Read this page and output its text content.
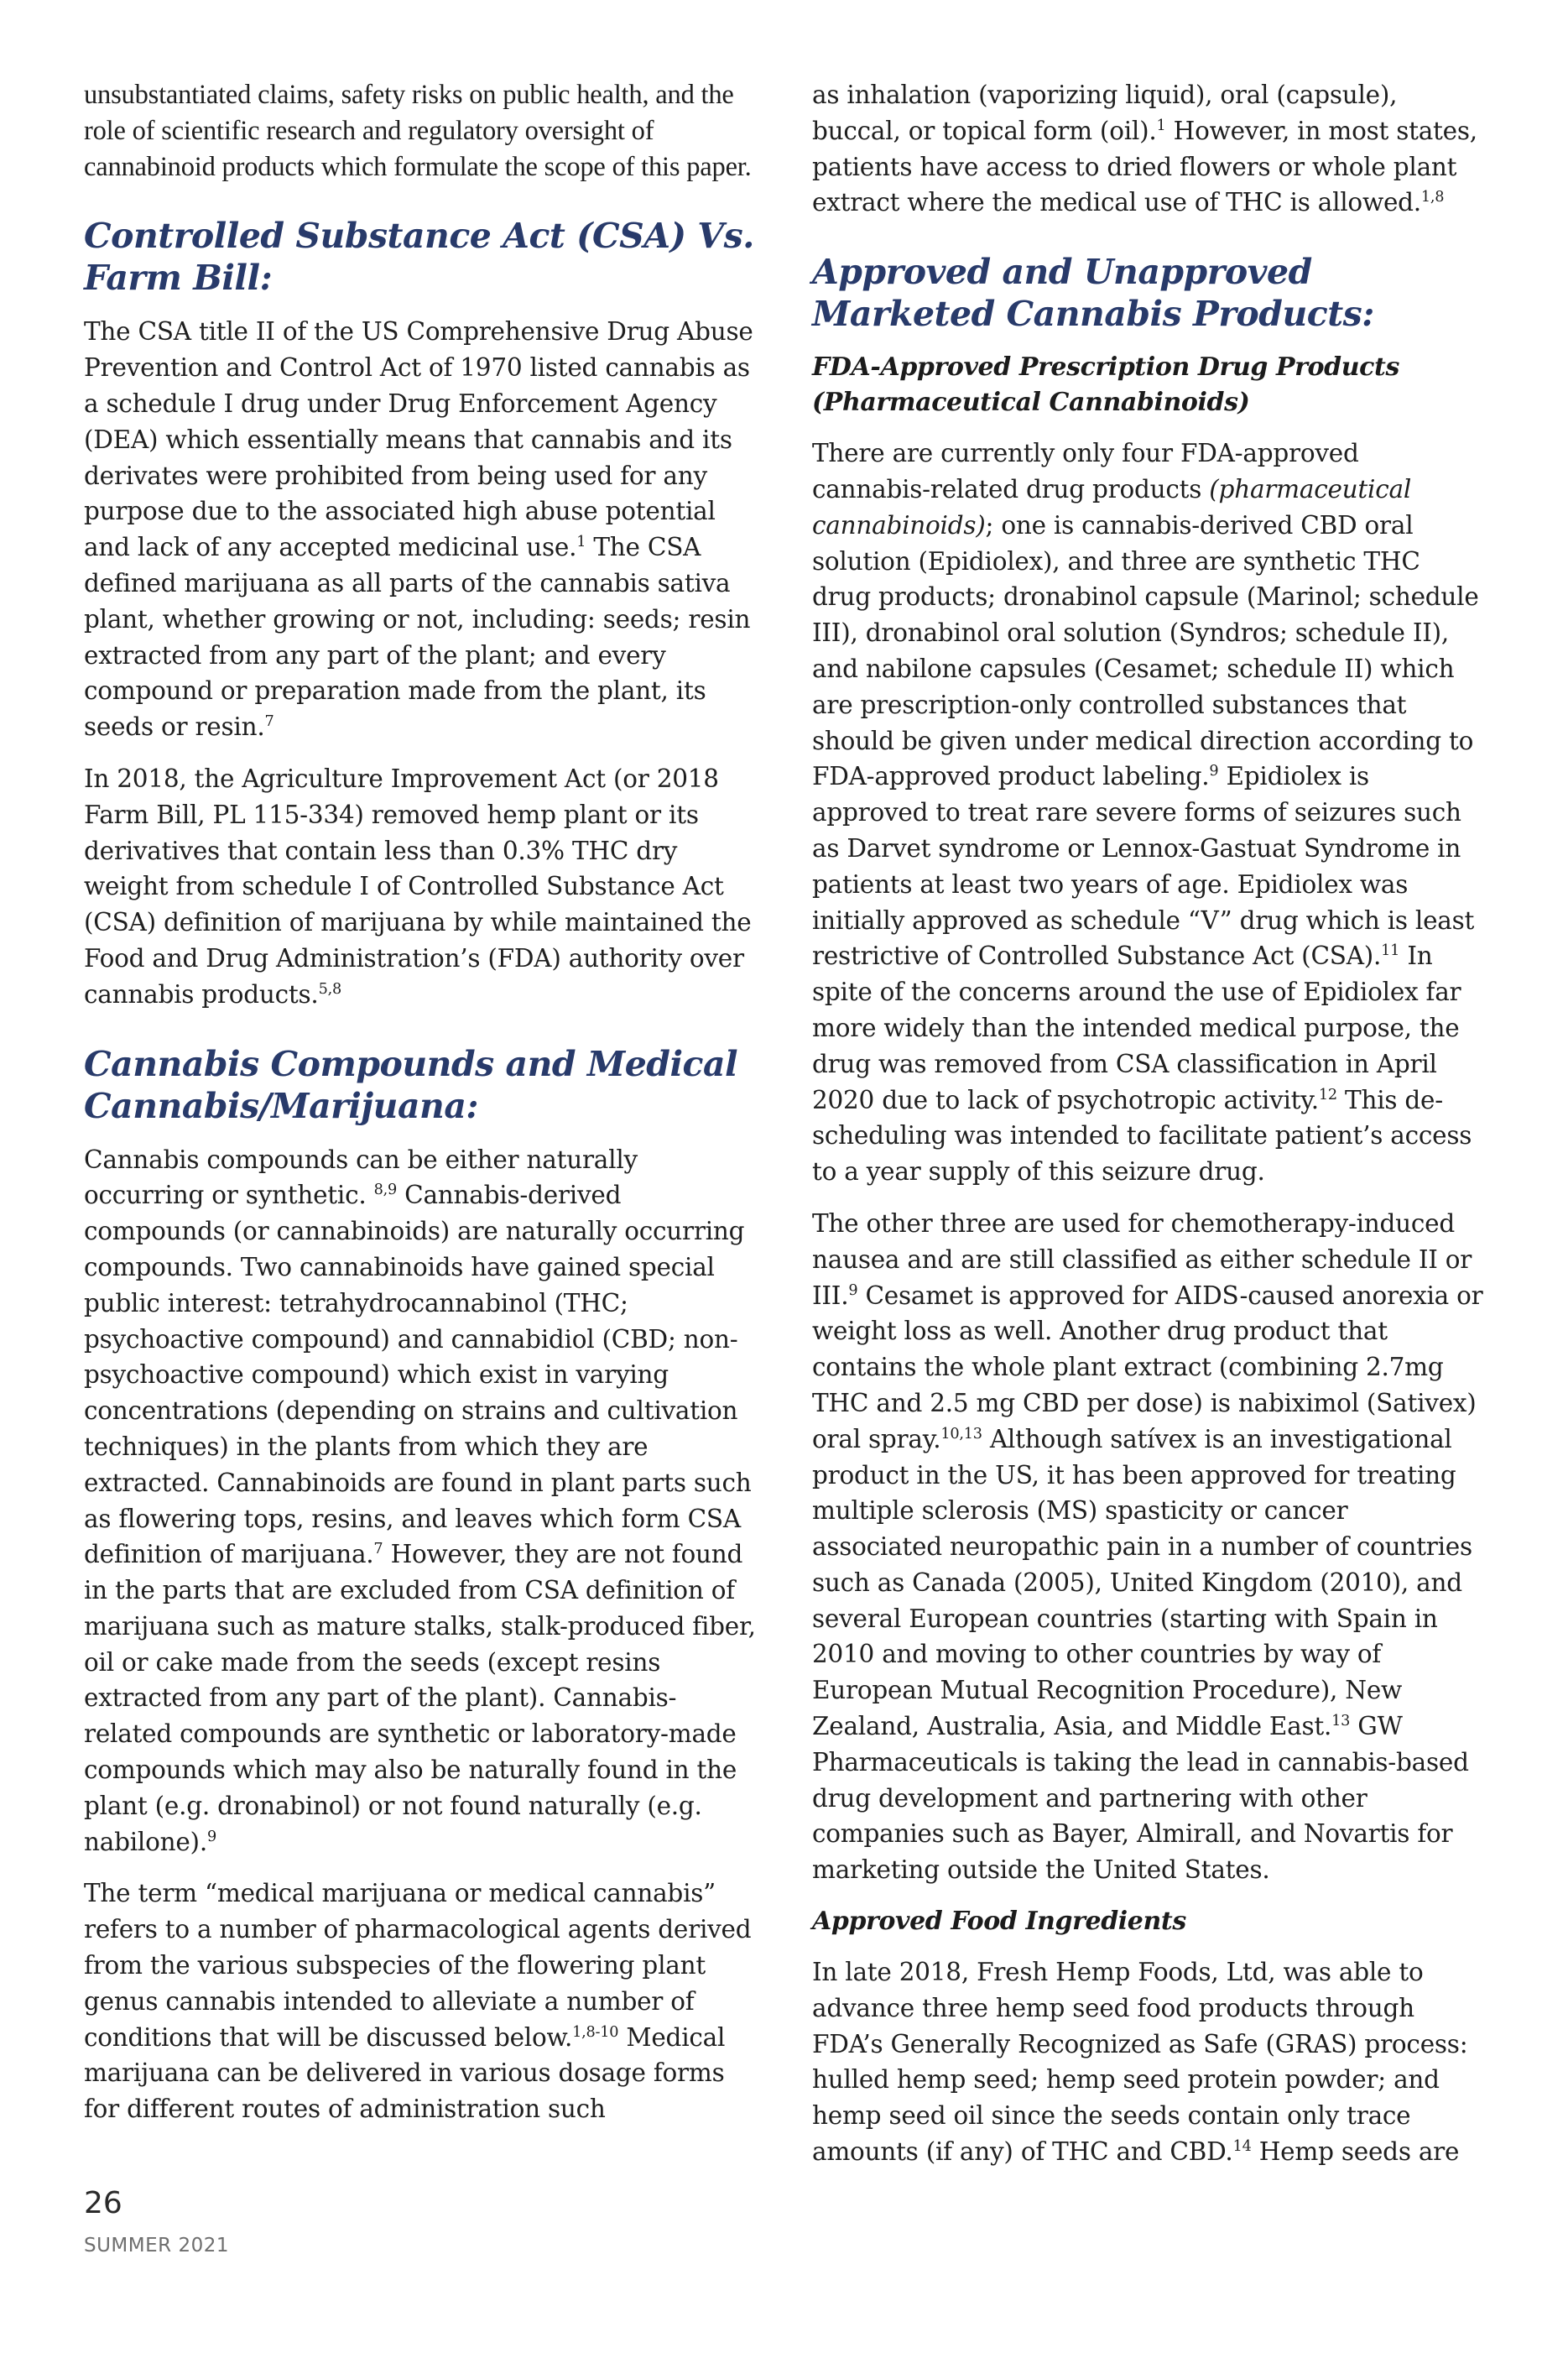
unsubstantiated claims, safety risks on public health, and the role of scientific research and regulatory oversight of cannabinoid products which formulate the scope of this paper.

Controlled Substance Act (CSA) Vs. Farm Bill:

The CSA title II of the US Comprehensive Drug Abuse Prevention and Control Act of 1970 listed cannabis as a schedule I drug under Drug Enforcement Agency (DEA) which essentially means that cannabis and its derivates were prohibited from being used for any purpose due to the associated high abuse potential and lack of any accepted medicinal use.$^1$ The CSA defined marijuana as all parts of the cannabis sativa plant, whether growing or not, including: seeds; resin extracted from any part of the plant; and every compound or preparation made from the plant, its seeds or resin.$^7$

In 2018, the Agriculture Improvement Act (or 2018 Farm Bill, PL 115-334) removed hemp plant or its derivatives that contain less than 0.3% THC dry weight from schedule I of Controlled Substance Act (CSA) definition of marijuana by while maintained the Food and Drug Administration’s (FDA) authority over cannabis products.$^{5,8}$

Cannabis Compounds and Medical Cannabis/Marijuana:

Cannabis compounds can be either naturally occurring or synthetic. $^{8,9}$ Cannabis-derived compounds (or cannabinoids) are naturally occurring compounds. Two cannabinoids have gained special public interest: tetrahydrocannabinol (THC; psychoactive compound) and cannabidiol (CBD; non-psychoactive compound) which exist in varying concentrations (depending on strains and cultivation techniques) in the plants from which they are extracted. Cannabinoids are found in plant parts such as flowering tops, resins, and leaves which form CSA definition of marijuana.$^7$ However, they are not found in the parts that are excluded from CSA definition of marijuana such as mature stalks, stalk-produced fiber, oil or cake made from the seeds (except resins extracted from any part of the plant). Cannabis-related compounds are synthetic or laboratory-made compounds which may also be naturally found in the plant (e.g. dronabinol) or not found naturally (e.g. nabilone).$^9$

The term “medical marijuana or medical cannabis” refers to a number of pharmacological agents derived from the various subspecies of the flowering plant genus cannabis intended to alleviate a number of conditions that will be discussed below.$^{1,8-10}$ Medical marijuana can be delivered in various dosage forms for different routes of administration such

as inhalation (vaporizing liquid), oral (capsule), buccal, or topical form (oil).$^1$ However, in most states, patients have access to dried flowers or whole plant extract where the medical use of THC is allowed.$^{1,8}$

Approved and Unapproved Marketed Cannabis Products:
FDA-Approved Prescription Drug Products (Pharmaceutical Cannabinoids)

There are currently only four FDA-approved cannabis-related drug products (pharmaceutical cannabinoids); one is cannabis-derived CBD oral solution (Epidiolex), and three are synthetic THC drug products; dronabinol capsule (Marinol; schedule III), dronabinol oral solution (Syndros; schedule II), and nabilone capsules (Cesamet; schedule II) which are prescription-only controlled substances that should be given under medical direction according to FDA-approved product labeling.$^9$ Epidiolex is approved to treat rare severe forms of seizures such as Darvet syndrome or Lennox-Gastuat Syndrome in patients at least two years of age. Epidiolex was initially approved as schedule “V” drug which is least restrictive of Controlled Substance Act (CSA).$^{11}$ In spite of the concerns around the use of Epidiolex far more widely than the intended medical purpose, the drug was removed from CSA classification in April 2020 due to lack of psychotropic activity.$^{12}$ This de-scheduling was intended to facilitate patient’s access to a year supply of this seizure drug.

The other three are used for chemotherapy-induced nausea and are still classified as either schedule II or III.$^9$ Cesamet is approved for AIDS-caused anorexia or weight loss as well. Another drug product that contains the whole plant extract (combining 2.7mg THC and 2.5 mg CBD per dose) is nabiximol (Sativex) oral spray.$^{10,13}$ Although satívex is an investigational product in the US, it has been approved for treating multiple sclerosis (MS) spasticity or cancer associated neuropathic pain in a number of countries such as Canada (2005), United Kingdom (2010), and several European countries (starting with Spain in 2010 and moving to other countries by way of European Mutual Recognition Procedure), New Zealand, Australia, Asia, and Middle East.$^{13}$ GW Pharmaceuticals is taking the lead in cannabis-based drug development and partnering with other companies such as Bayer, Almirall, and Novartis for marketing outside the United States.

Approved Food Ingredients

In late 2018, Fresh Hemp Foods, Ltd, was able to advance three hemp seed food products through FDA’s Generally Recognized as Safe (GRAS) process: hulled hemp seed; hemp seed protein powder; and hemp seed oil since the seeds contain only trace amounts (if any) of THC and CBD.$^{14}$ Hemp seeds are

26
SUMMER 2021
